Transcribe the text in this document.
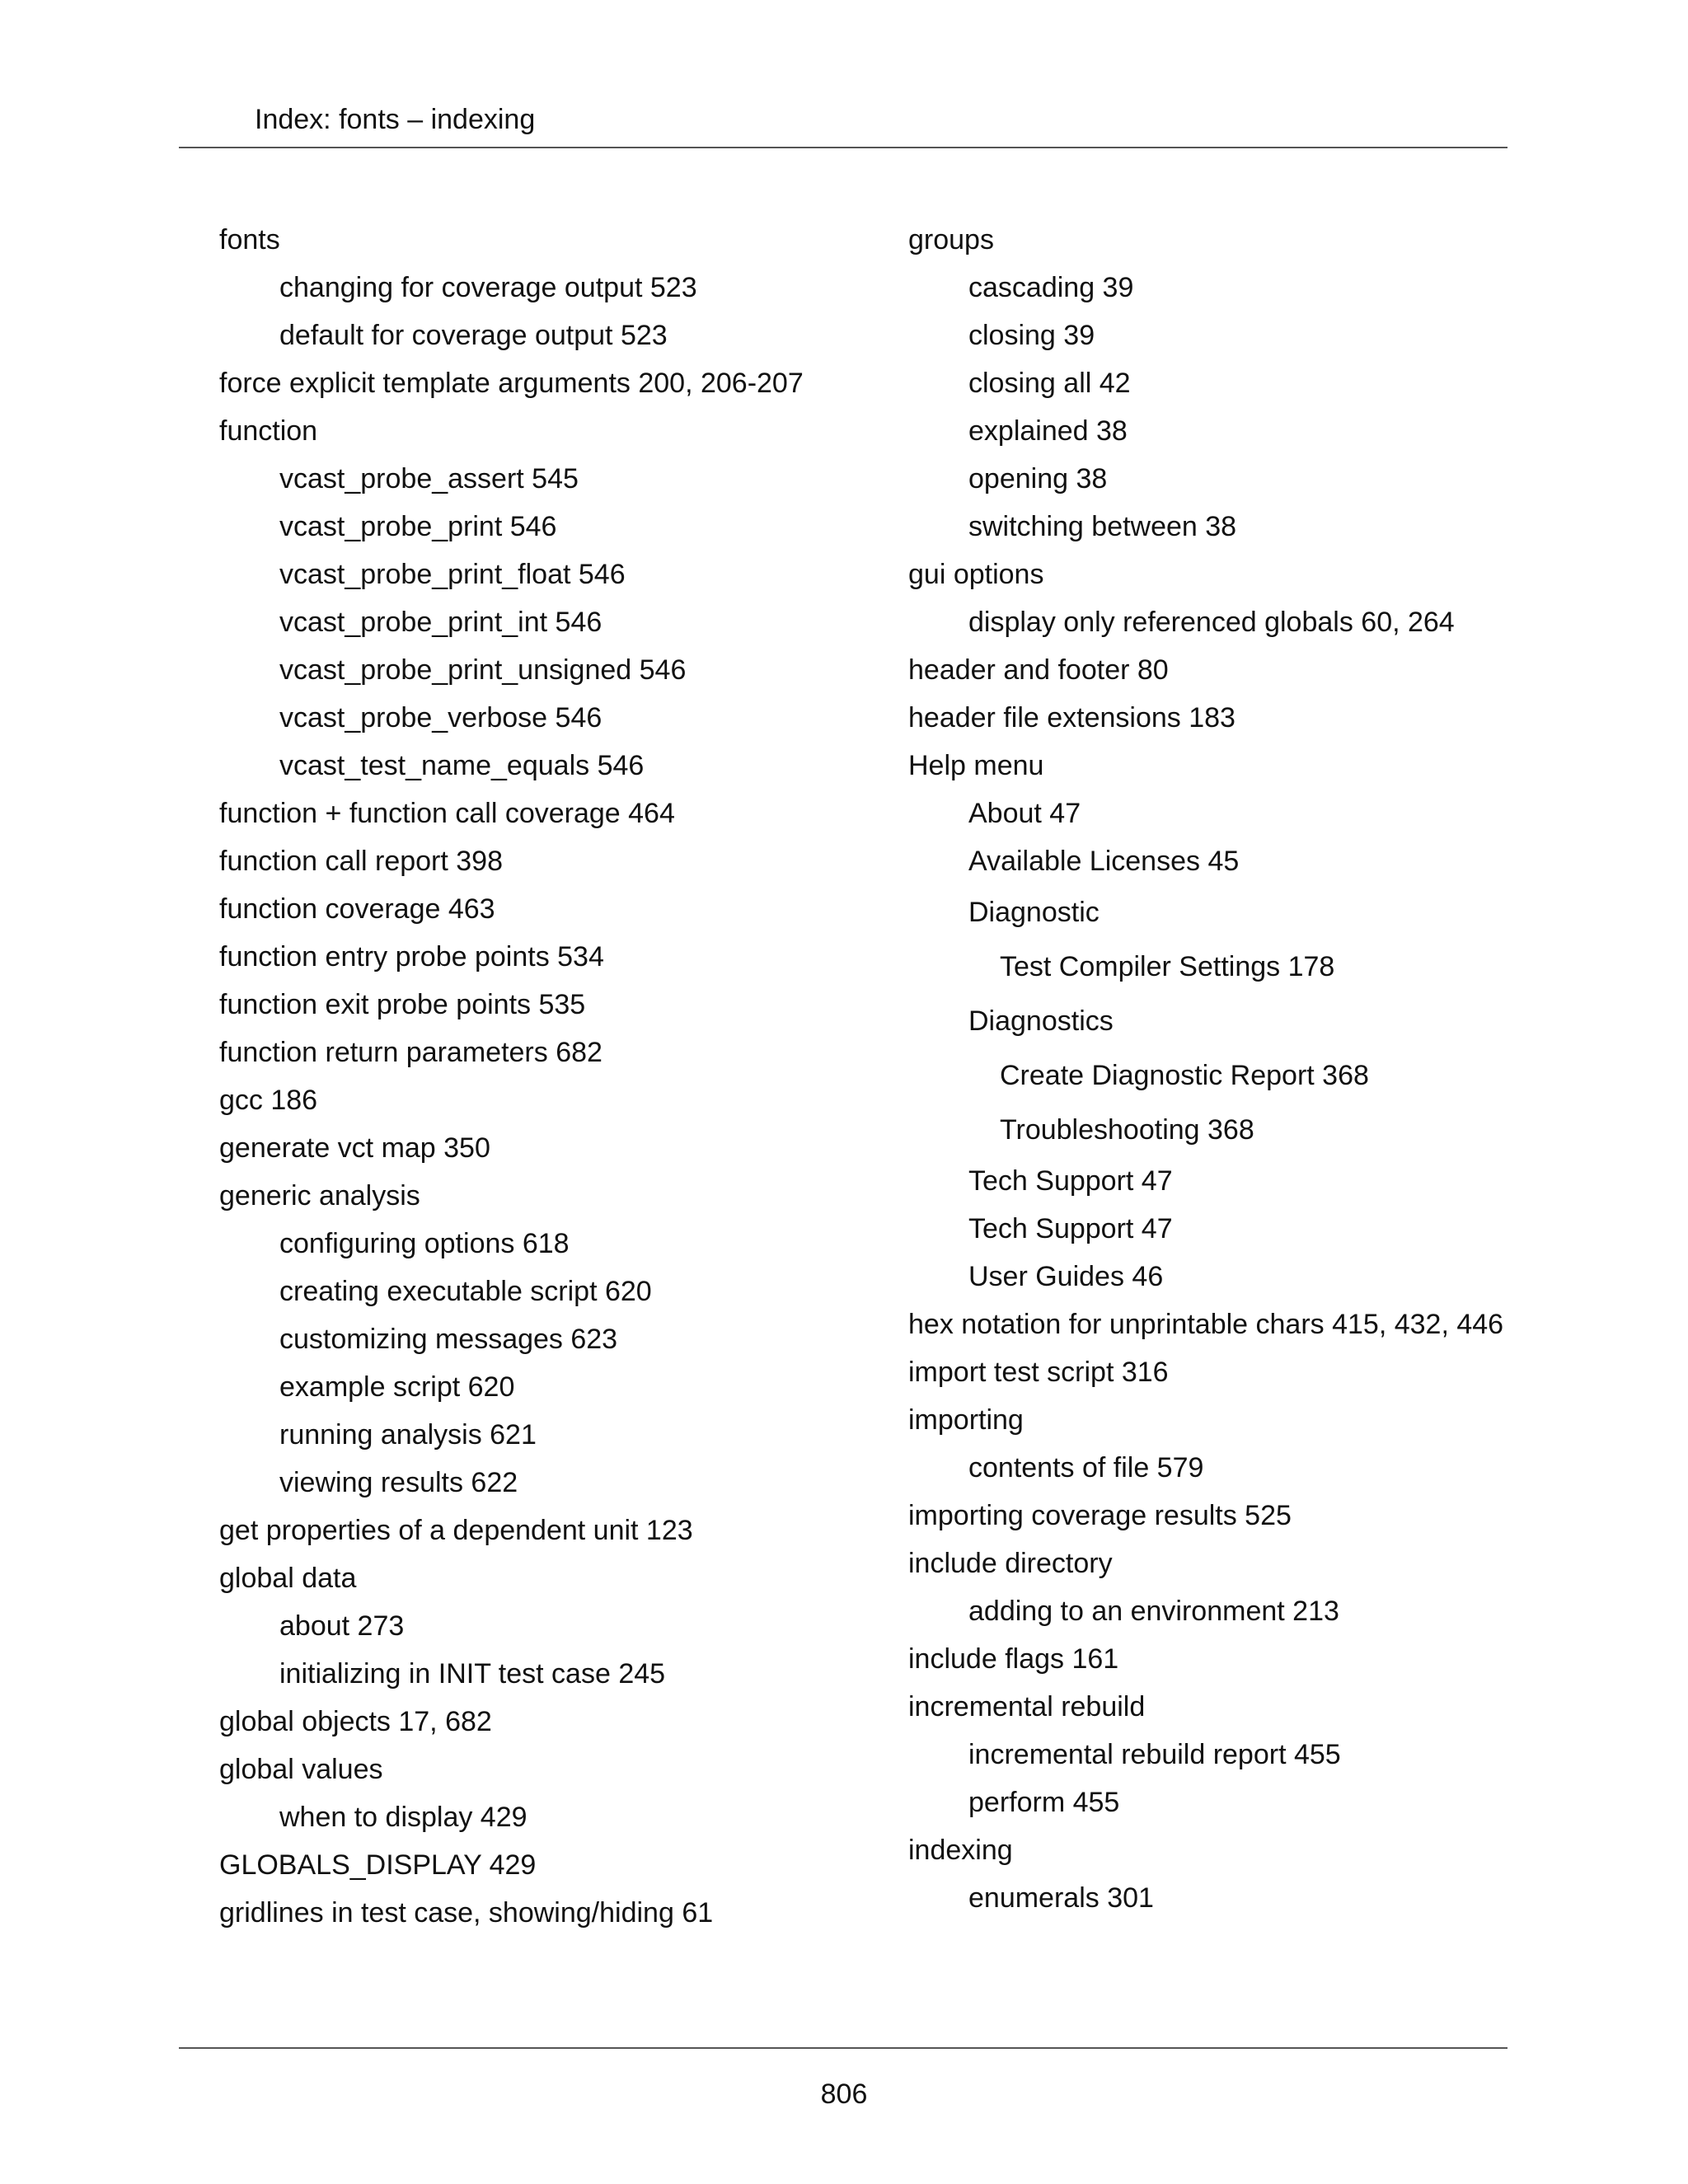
Index: fonts – indexing
fonts
changing for coverage output 523
default for coverage output 523
force explicit template arguments 200, 206-207
function
vcast_probe_assert 545
vcast_probe_print 546
vcast_probe_print_float 546
vcast_probe_print_int 546
vcast_probe_print_unsigned 546
vcast_probe_verbose 546
vcast_test_name_equals 546
function + function call coverage 464
function call report 398
function coverage 463
function entry probe points 534
function exit probe points 535
function return parameters 682
gcc 186
generate vct map 350
generic analysis
configuring options 618
creating executable script 620
customizing messages 623
example script 620
running analysis 621
viewing results 622
get properties of a dependent unit 123
global data
about 273
initializing in INIT test case 245
global objects 17, 682
global values
when to display 429
GLOBALS_DISPLAY 429
gridlines in test case, showing/hiding 61
groups
cascading 39
closing 39
closing all 42
explained 38
opening 38
switching between 38
gui options
display only referenced globals 60, 264
header and footer 80
header file extensions 183
Help menu
About 47
Available Licenses 45
Diagnostic
Test Compiler Settings 178
Diagnostics
Create Diagnostic Report 368
Troubleshooting 368
Tech Support 47
Tech Support 47
User Guides 46
hex notation for unprintable chars 415, 432, 446
import test script 316
importing
contents of file 579
importing coverage results 525
include directory
adding to an environment 213
include flags 161
incremental rebuild
incremental rebuild report 455
perform 455
indexing
enumerals 301
806
